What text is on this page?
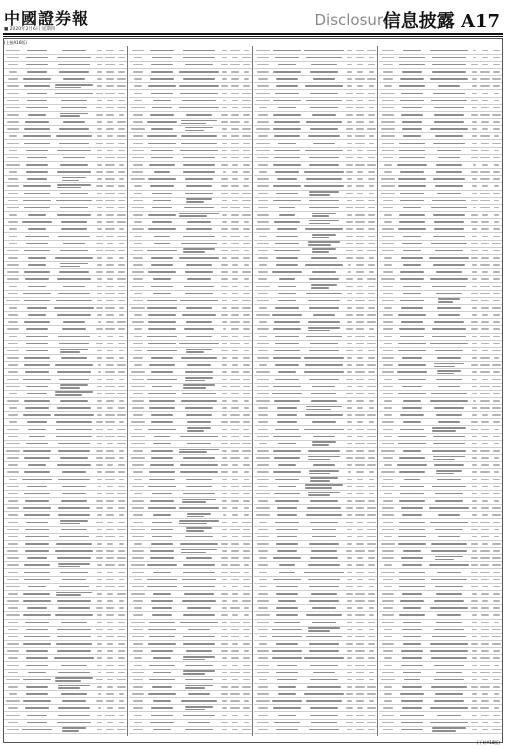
中國證券報
■ 2020年2月6日 星期四
Disclosure
信息披露 A17
(上接A16版)
(下转A18版)
